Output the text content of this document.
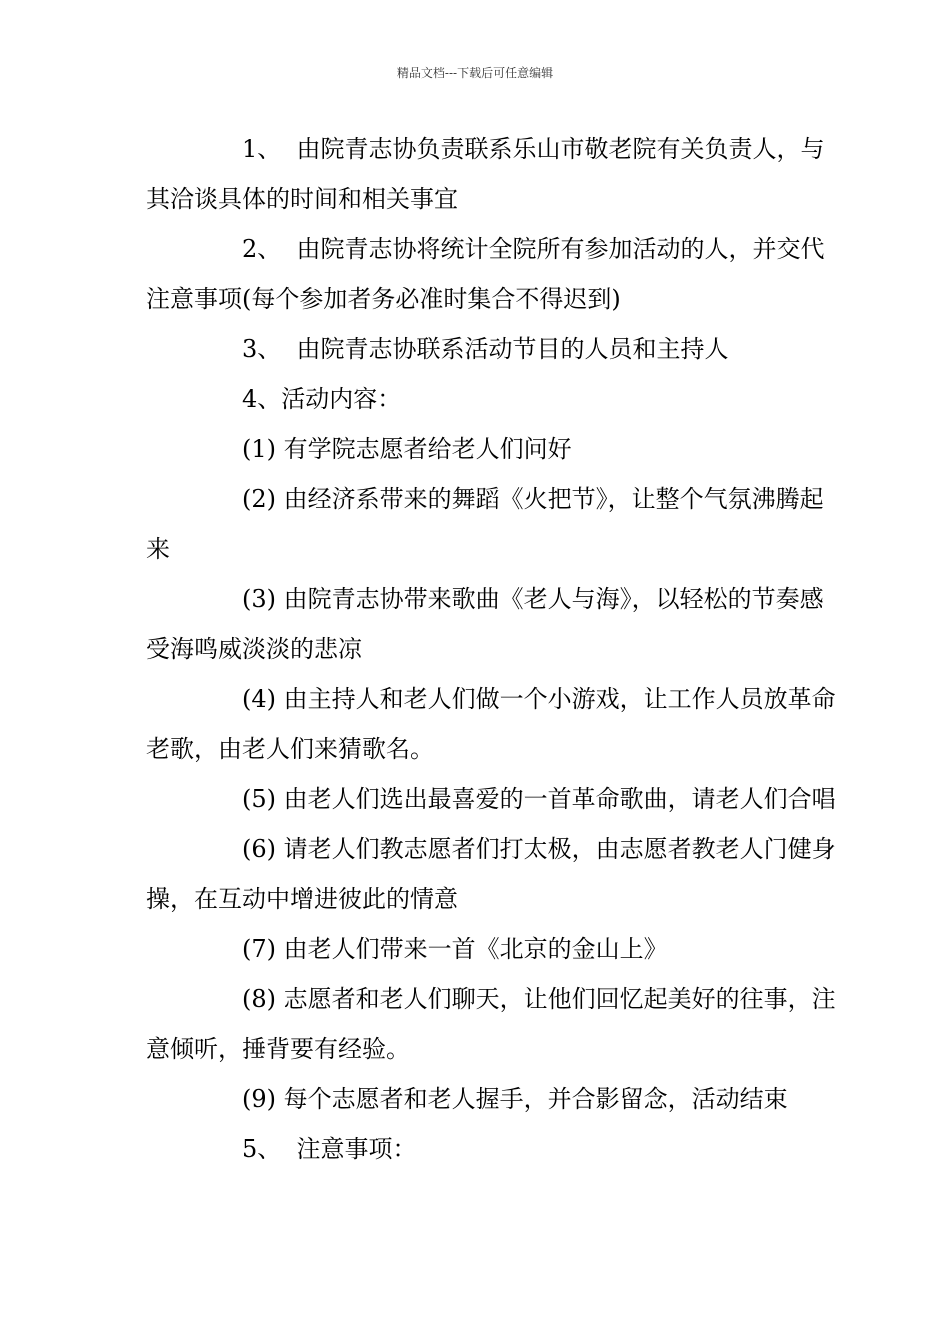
精品文档---下载后可任意编辑

1、 由院青志协负责联系乐山市敬老院有关负责人，与其洽谈具体的时间和相关事宜

2、 由院青志协将统计全院所有参加活动的人，并交代注意事项(每个参加者务必准时集合不得迟到)

3、 由院青志协联系活动节目的人员和主持人

4、活动内容：

(1) 有学院志愿者给老人们问好

(2) 由经济系带来的舞蹈《火把节》，让整个气氛沸腾起来

(3) 由院青志协带来歌曲《老人与海》，以轻松的节奏感受海鸣威淡淡的悲凉

(4) 由主持人和老人们做一个小游戏，让工作人员放革命老歌，由老人们来猜歌名。

(5) 由老人们选出最喜爱的一首革命歌曲，请老人们合唱

(6) 请老人们教志愿者们打太极，由志愿者教老人门健身操，在互动中增进彼此的情意

(7) 由老人们带来一首《北京的金山上》

(8) 志愿者和老人们聊天，让他们回忆起美好的往事，注意倾听，捶背要有经验。

(9) 每个志愿者和老人握手，并合影留念，活动结束

5、 注意事项：
